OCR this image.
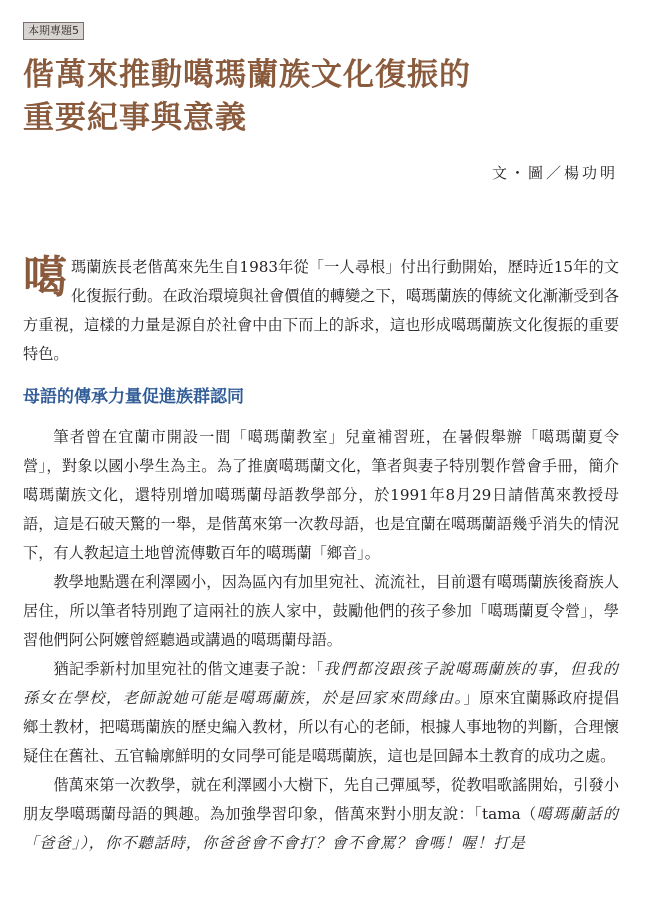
本期專題5
偕萬來推動噶瑪蘭族文化復振的
重要紀事與意義
文・圖／楊功明

噶瑪蘭族長老偕萬來先生自1983年從「一人尋根」付出行動開始，歷時近15年的文化復振行動。在政治環境與社會價值的轉變之下，噶瑪蘭族的傳統文化漸漸受到各方重視，這樣的力量是源自於社會中由下而上的訴求，這也形成噶瑪蘭族文化復振的重要特色。

母語的傳承力量促進族群認同

筆者曾在宜蘭市開設一間「噶瑪蘭教室」兒童補習班，在暑假舉辦「噶瑪蘭夏令營」，對象以國小學生為主。為了推廣噶瑪蘭文化，筆者與妻子特別製作營會手冊，簡介噶瑪蘭族文化，還特別增加噶瑪蘭母語教學部分，於1991年8月29日請偕萬來教授母語，這是石破天驚的一舉，是偕萬來第一次教母語，也是宜蘭在噶瑪蘭語幾乎消失的情況下，有人教起這土地曾流傳數百年的噶瑪蘭「鄉音」。

教學地點選在利澤國小，因為區內有加里宛社、流流社，目前還有噶瑪蘭族後裔族人居住，所以筆者特別跑了這兩社的族人家中，鼓勵他們的孩子參加「噶瑪蘭夏令營」，學習他們阿公阿嬤曾經聽過或講過的噶瑪蘭母語。

猶記季新村加里宛社的偕文連妻子說：「我們都沒跟孩子說噶瑪蘭族的事，但我的孫女在學校，老師說她可能是噶瑪蘭族，於是回家來問緣由。」原來宜蘭縣政府提倡鄉土教材，把噶瑪蘭族的歷史編入教材，所以有心的老師，根據人事地物的判斷，合理懷疑住在舊社、五官輪廓鮮明的女同學可能是噶瑪蘭族，這也是回歸本土教育的成功之處。

偕萬來第一次教學，就在利澤國小大樹下，先自己彈風琴，從教唱歌謠開始，引發小朋友學噶瑪蘭母語的興趣。為加強學習印象，偕萬來對小朋友說：「tama（噶瑪蘭話的「爸爸」），你不聽話時，你爸爸會不會打？會不會罵？會嗎！喔！打是
